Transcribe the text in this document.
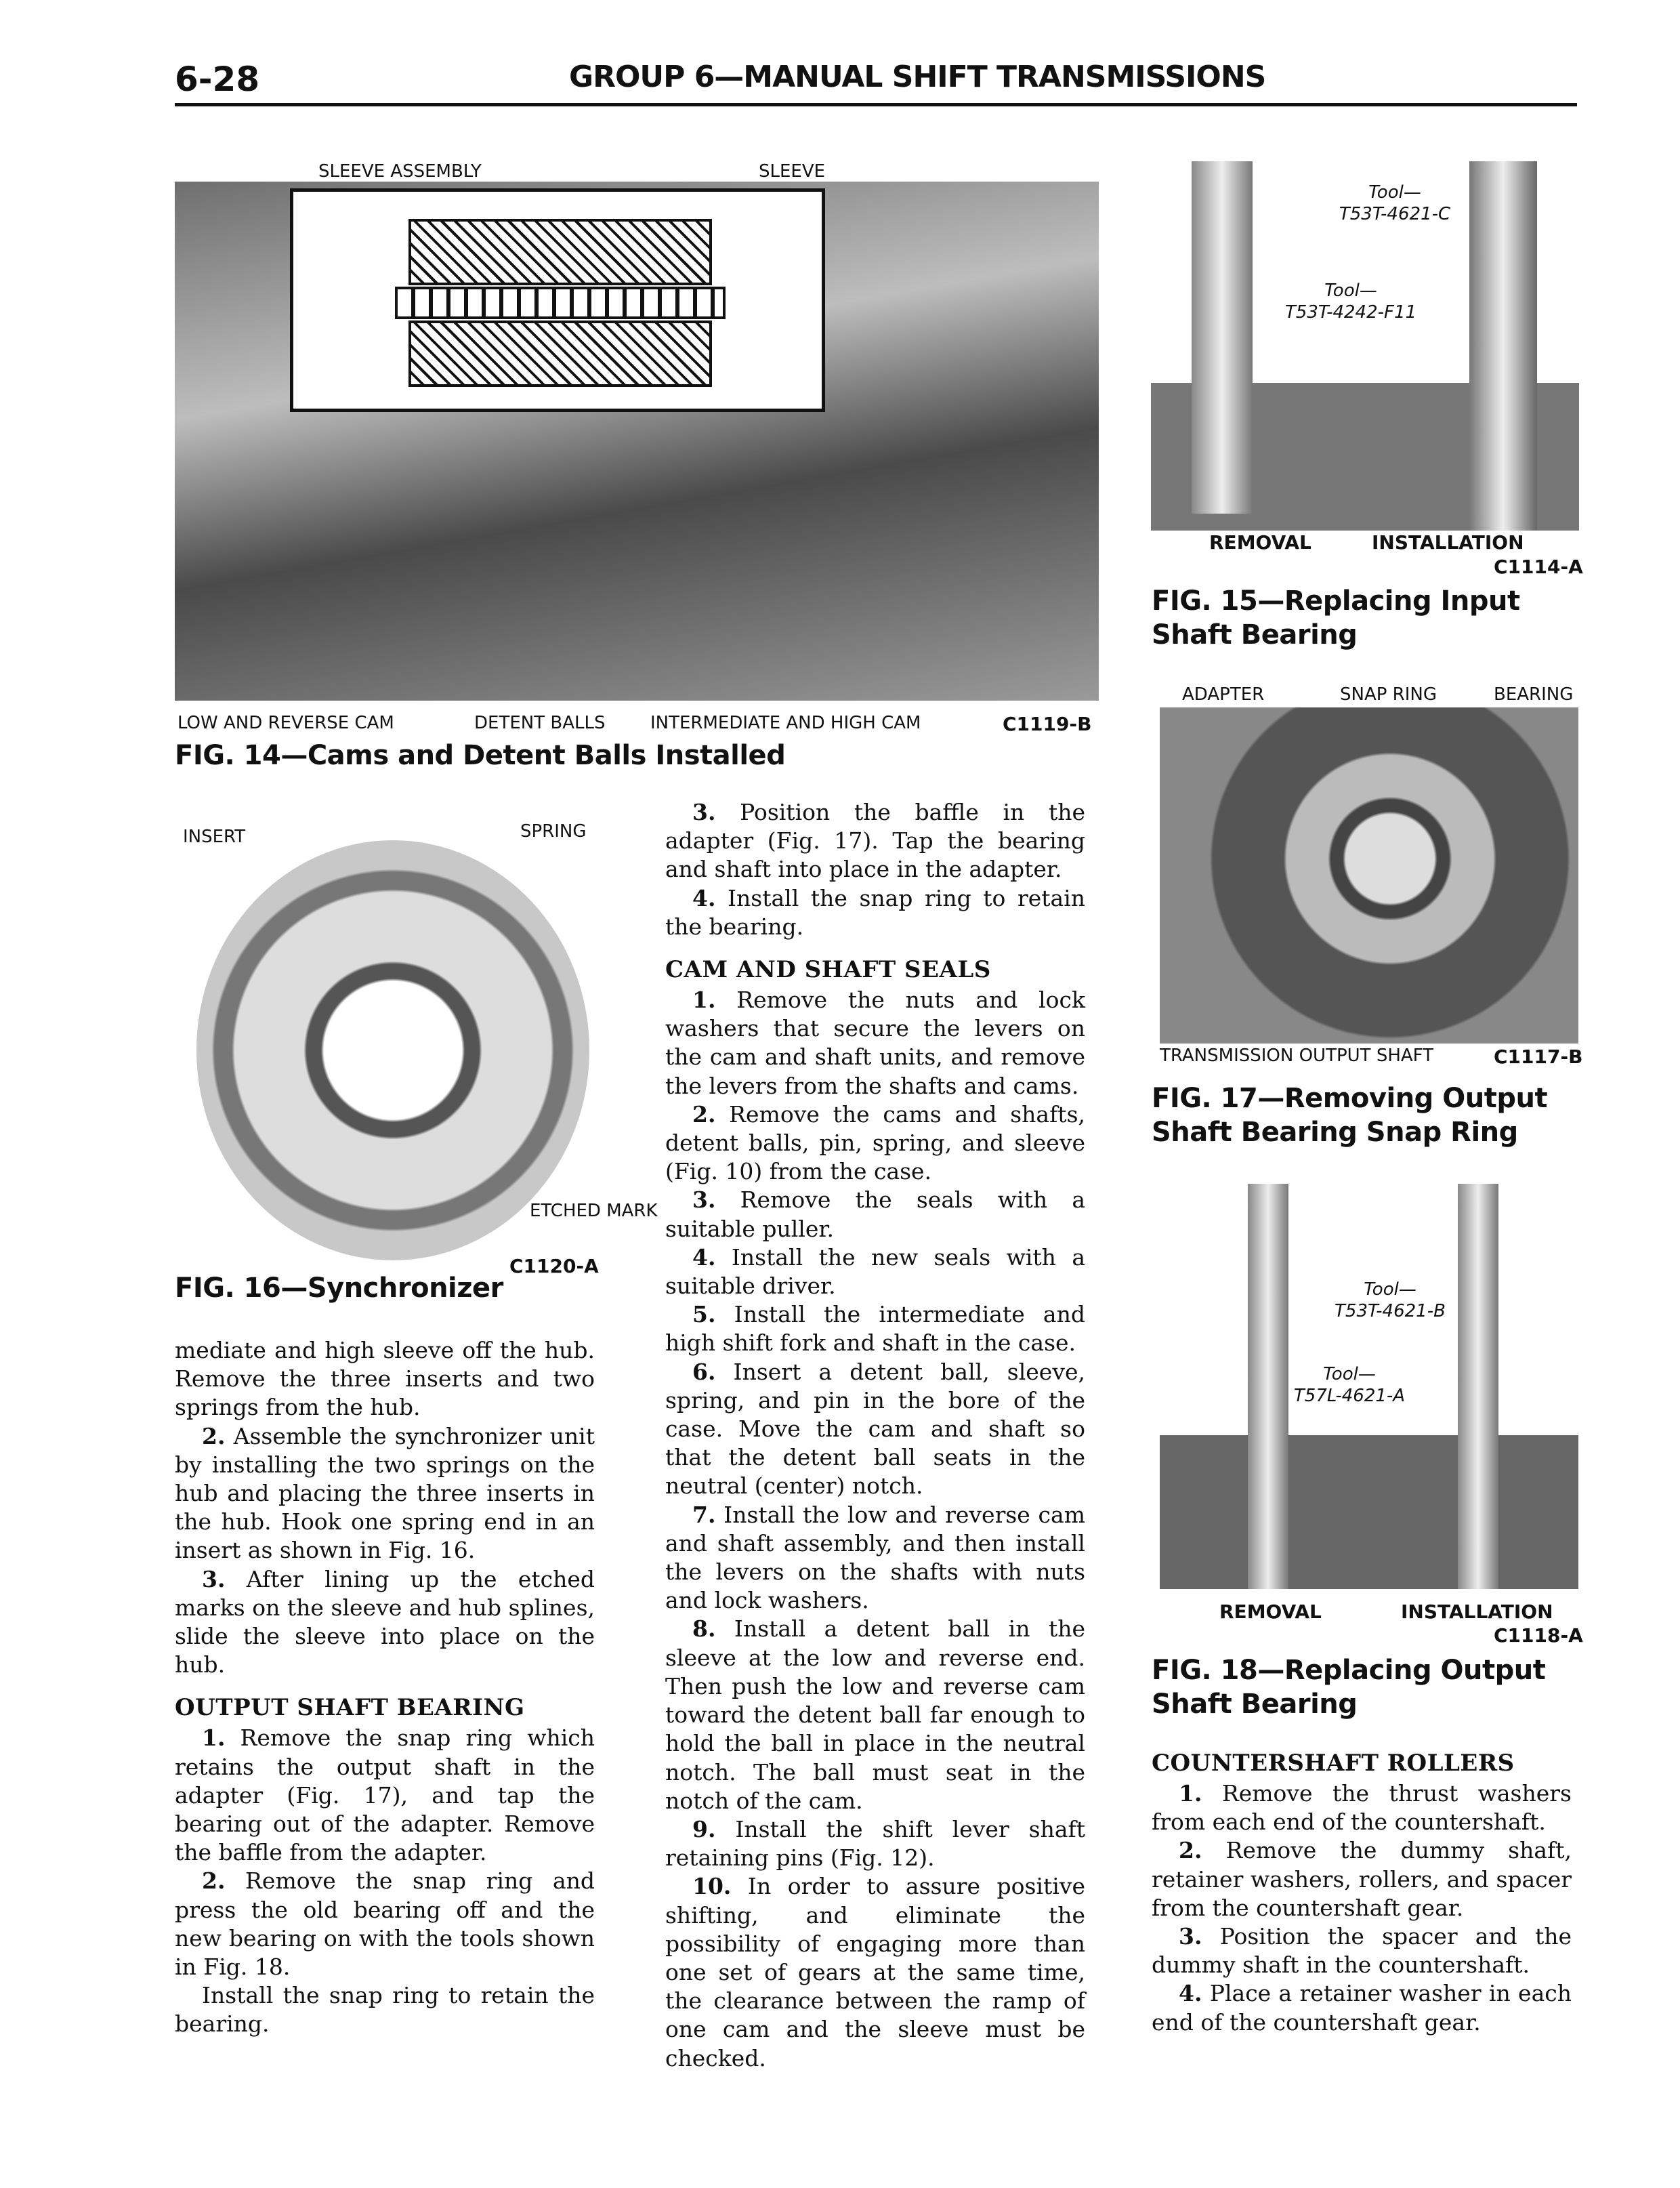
6-28	GROUP 6—MANUAL SHIFT TRANSMISSIONS
SLEEVE ASSEMBLY	SLEEVE
LOW AND REVERSE CAM	DETENT BALLS	INTERMEDIATE AND HIGH CAM	C1119-B
FIG. 14—Cams and Detent Balls Installed
Tool—
T53T-4621-C
Tool—
T53T-4242-F11
REMOVAL	INSTALLATION
C1114-A
FIG. 15—Replacing Input Shaft Bearing
ADAPTER	SNAP RING	BEARING
TRANSMISSION OUTPUT SHAFT	C1117-B
FIG. 17—Removing Output Shaft Bearing Snap Ring
INSERT	SPRING
ETCHED MARK
C1120-A
FIG. 16—Synchronizer	Tool—
T53T-4621-B
Tool—
T57L-4621-A
REMOVAL	INSTALLATION
C1118-A
FIG. 18—Replacing Output Shaft Bearing

mediate and high sleeve off the hub. Remove the three inserts and two springs from the hub.

2. Assemble the synchronizer unit by installing the two springs on the hub and placing the three inserts in the hub. Hook one spring end in an insert as shown in Fig. 16.

3. After lining up the etched marks on the sleeve and hub splines, slide the sleeve into place on the hub.

OUTPUT SHAFT BEARING

1. Remove the snap ring which retains the output shaft in the adapter (Fig. 17), and tap the bearing out of the adapter. Remove the baffle from the adapter.

2. Remove the snap ring and press the old bearing off and the new bearing on with the tools shown in Fig. 18.

Install the snap ring to retain the bearing.

3. Position the baffle in the adapter (Fig. 17). Tap the bearing and shaft into place in the adapter.

4. Install the snap ring to retain the bearing.

CAM AND SHAFT SEALS

1. Remove the nuts and lock washers that secure the levers on the cam and shaft units, and remove the levers from the shafts and cams.

2. Remove the cams and shafts, detent balls, pin, spring, and sleeve (Fig. 10) from the case.

3. Remove the seals with a suitable puller.

4. Install the new seals with a suitable driver.

5. Install the intermediate and high shift fork and shaft in the case.

6. Insert a detent ball, sleeve, spring, and pin in the bore of the case. Move the cam and shaft so that the detent ball seats in the neutral (center) notch.

7. Install the low and reverse cam and shaft assembly, and then install the levers on the shafts with nuts and lock washers.

8. Install a detent ball in the sleeve at the low and reverse end. Then push the low and reverse cam toward the detent ball far enough to hold the ball in place in the neutral notch. The ball must seat in the notch of the cam.

9. Install the shift lever shaft retaining pins (Fig. 12).

10. In order to assure positive shifting, and eliminate the possibility of engaging more than one set of gears at the same time, the clearance between the ramp of one cam and the sleeve must be checked.

COUNTERSHAFT ROLLERS

1. Remove the thrust washers from each end of the countershaft.

2. Remove the dummy shaft, retainer washers, rollers, and spacer from the countershaft gear.

3. Position the spacer and the dummy shaft in the countershaft.

4. Place a retainer washer in each end of the countershaft gear.
